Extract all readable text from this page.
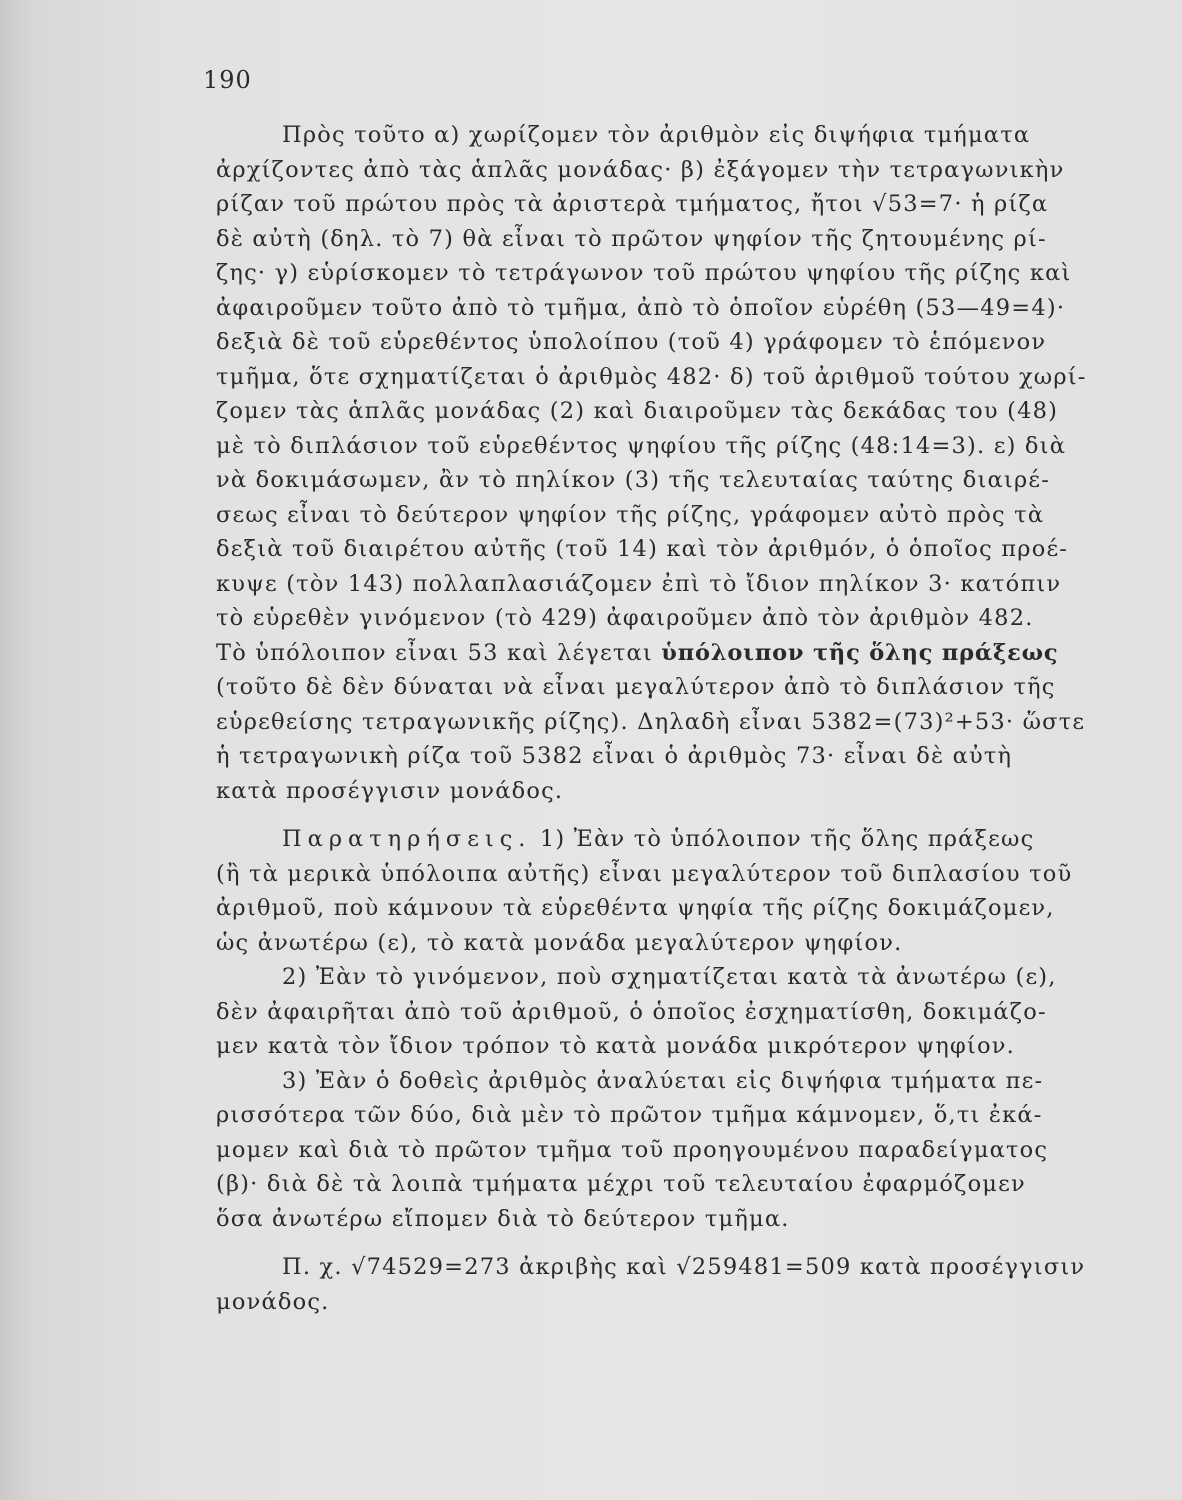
190
Πρὸς τοῦτο α) χωρίζομεν τὸν ἀριθμὸν εἰς διψήφια τμήματα
ἀρχίζοντες ἀπὸ τὰς ἁπλᾶς μονάδας· β) ἐξάγομεν τὴν τετραγωνικὴν
ρίζαν τοῦ πρώτου πρὸς τὰ ἀριστερὰ τμήματος, ἤτοι √53=7· ἡ ρίζα
δὲ αὐτὴ (δηλ. τὸ 7) θὰ εἶναι τὸ πρῶτον ψηφίον τῆς ζητουμένης ρί-
ζης· γ) εὑρίσκομεν τὸ τετράγωνον τοῦ πρώτου ψηφίου τῆς ρίζης καὶ
ἀφαιροῦμεν τοῦτο ἀπὸ τὸ τμῆμα, ἀπὸ τὸ ὁποῖον εὑρέθη (53—49=4)·
δεξιὰ δὲ τοῦ εὑρεθέντος ὑπολοίπου (τοῦ 4) γράφομεν τὸ ἑπόμενον
τμῆμα, ὅτε σχηματίζεται ὁ ἀριθμὸς 482· δ) τοῦ ἀριθμοῦ τούτου χωρί-
ζομεν τὰς ἁπλᾶς μονάδας (2) καὶ διαιροῦμεν τὰς δεκάδας του (48)
μὲ τὸ διπλάσιον τοῦ εὑρεθέντος ψηφίου τῆς ρίζης (48:14=3). ε) διὰ
νὰ δοκιμάσωμεν, ἂν τὸ πηλίκον (3) τῆς τελευταίας ταύτης διαιρέ-
σεως εἶναι τὸ δεύτερον ψηφίον τῆς ρίζης, γράφομεν αὐτὸ πρὸς τὰ
δεξιὰ τοῦ διαιρέτου αὐτῆς (τοῦ 14) καὶ τὸν ἀριθμόν, ὁ ὁποῖος προέ-
κυψε (τὸν 143) πολλαπλασιάζομεν ἐπὶ τὸ ἴδιον πηλίκον 3· κατόπιν
τὸ εὑρεθὲν γινόμενον (τὸ 429) ἀφαιροῦμεν ἀπὸ τὸν ἀριθμὸν 482.
Τὸ ὑπόλοιπον εἶναι 53 καὶ λέγεται ὑπόλοιπον τῆς ὅλης πράξεως
(τοῦτο δὲ δὲν δύναται νὰ εἶναι μεγαλύτερον ἀπὸ τὸ διπλάσιον τῆς
εὑρεθείσης τετραγωνικῆς ρίζης). Δηλαδὴ εἶναι 5382=(73)²+53· ὥστε
ἡ τετραγωνικὴ ρίζα τοῦ 5382 εἶναι ὁ ἀριθμὸς 73· εἶναι δὲ αὐτὴ
κατὰ προσέγγισιν μονάδος.
Παρατηρήσεις. 1) Ἐὰν τὸ ὑπόλοιπον τῆς ὅλης πράξεως
(ἢ τὰ μερικὰ ὑπόλοιπα αὐτῆς) εἶναι μεγαλύτερον τοῦ διπλασίου τοῦ
ἀριθμοῦ, ποὺ κάμνουν τὰ εὑρεθέντα ψηφία τῆς ρίζης δοκιμάζομεν,
ὡς ἀνωτέρω (ε), τὸ κατὰ μονάδα μεγαλύτερον ψηφίον.
2) Ἐὰν τὸ γινόμενον, ποὺ σχηματίζεται κατὰ τὰ ἀνωτέρω (ε),
δὲν ἀφαιρῆται ἀπὸ τοῦ ἀριθμοῦ, ὁ ὁποῖος ἐσχηματίσθη, δοκιμάζο-
μεν κατὰ τὸν ἴδιον τρόπον τὸ κατὰ μονάδα μικρότερον ψηφίον.
3) Ἐὰν ὁ δοθεὶς ἀριθμὸς ἀναλύεται εἰς διψήφια τμήματα πε-
ρισσότερα τῶν δύο, διὰ μὲν τὸ πρῶτον τμῆμα κάμνομεν, ὅ,τι ἐκά-
μομεν καὶ διὰ τὸ πρῶτον τμῆμα τοῦ προηγουμένου παραδείγματος
(β)· διὰ δὲ τὰ λοιπὰ τμήματα μέχρι τοῦ τελευταίου ἐφαρμόζομεν
ὅσα ἀνωτέρω εἴπομεν διὰ τὸ δεύτερον τμῆμα.
Π. χ. √74529=273 ἀκριβὴς καὶ √259481=509 κατὰ προσέγγισιν
μονάδος.
